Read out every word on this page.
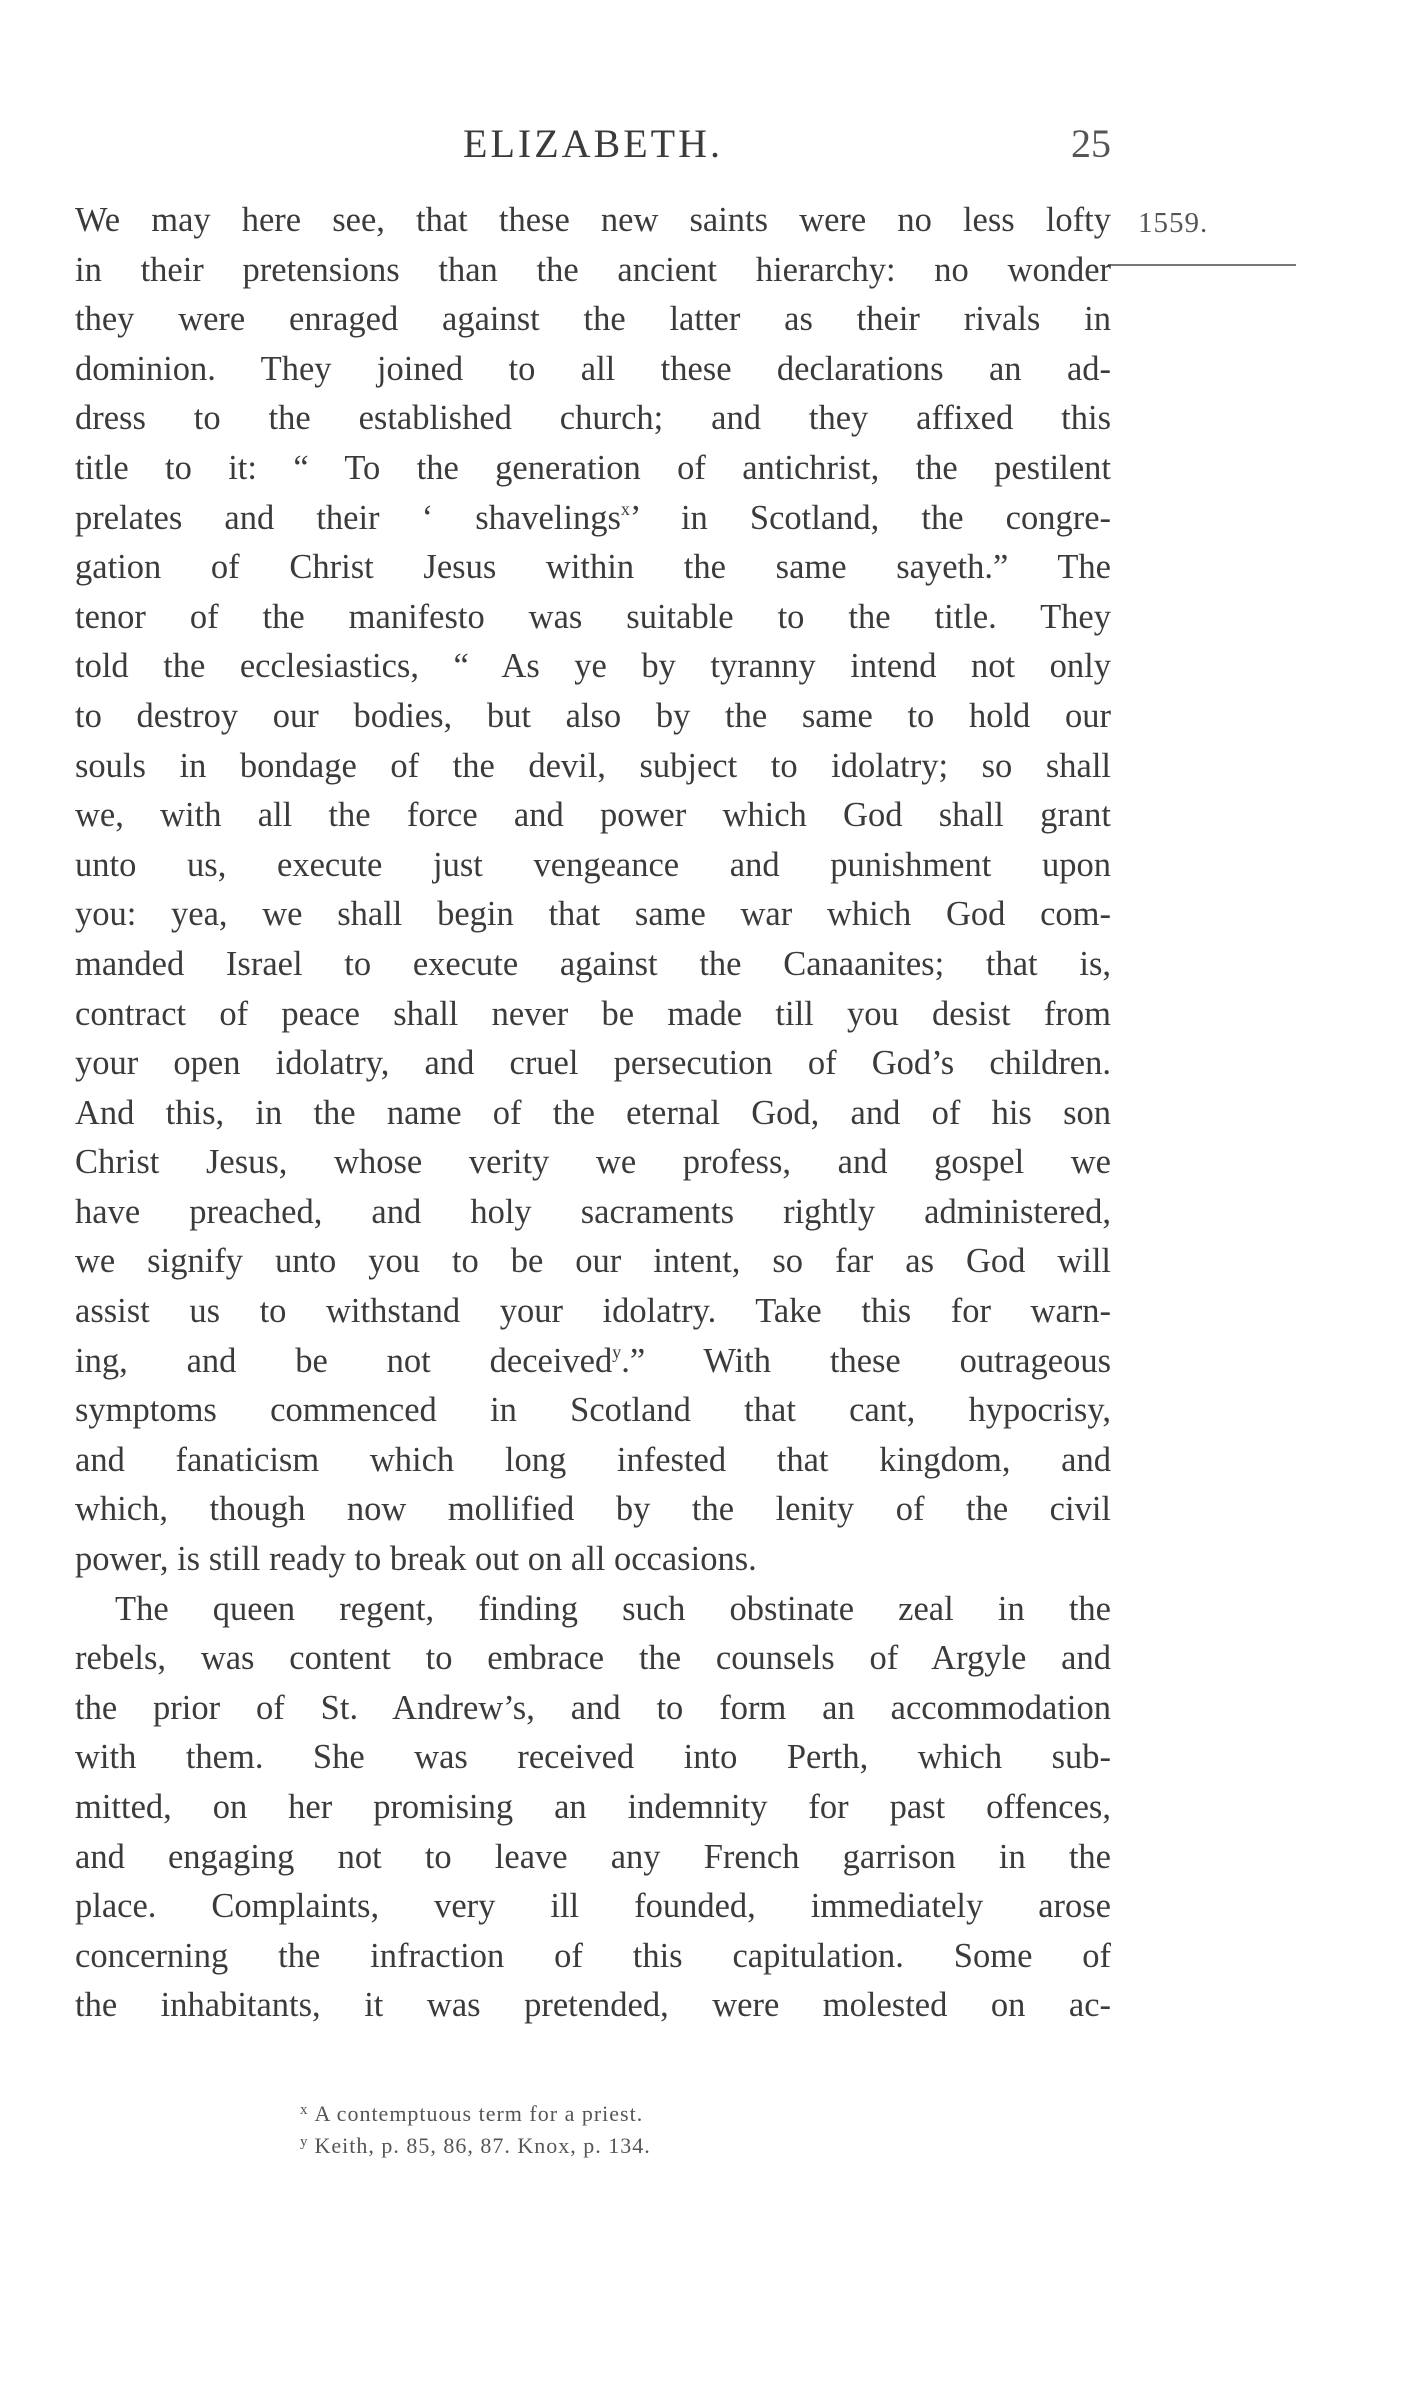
ELIZABETH.	25
1559.
We may here see, that these new saints were no less lofty
in their pretensions than the ancient hierarchy: no wonder
they were enraged against the latter as their rivals in
dominion. They joined to all these declarations an ad-
dress to the established church; and they affixed this
title to it: “ To the generation of antichrist, the pestilent
prelates and their ‘ shavelings$^x$’ in Scotland, the congre-
gation of Christ Jesus within the same sayeth.” The
tenor of the manifesto was suitable to the title. They
told the ecclesiastics, “ As ye by tyranny intend not only
to destroy our bodies, but also by the same to hold our
souls in bondage of the devil, subject to idolatry; so shall
we, with all the force and power which God shall grant
unto us, execute just vengeance and punishment upon
you: yea, we shall begin that same war which God com-
manded Israel to execute against the Canaanites; that is,
contract of peace shall never be made till you desist from
your open idolatry, and cruel persecution of God’s children.
And this, in the name of the eternal God, and of his son
Christ Jesus, whose verity we profess, and gospel we
have preached, and holy sacraments rightly administered,
we signify unto you to be our intent, so far as God will
assist us to withstand your idolatry. Take this for warn-
ing, and be not deceived$^y$.” With these outrageous
symptoms commenced in Scotland that cant, hypocrisy,
and fanaticism which long infested that kingdom, and
which, though now mollified by the lenity of the civil
power, is still ready to break out on all occasions.
The queen regent, finding such obstinate zeal in the
rebels, was content to embrace the counsels of Argyle and
the prior of St. Andrew’s, and to form an accommodation
with them. She was received into Perth, which sub-
mitted, on her promising an indemnity for past offences,
and engaging not to leave any French garrison in the
place. Complaints, very ill founded, immediately arose
concerning the infraction of this capitulation. Some of
the inhabitants, it was pretended, were molested on ac-
$^x$ A contemptuous term for a priest.
$^y$ Keith, p. 85, 86, 87. Knox, p. 134.
